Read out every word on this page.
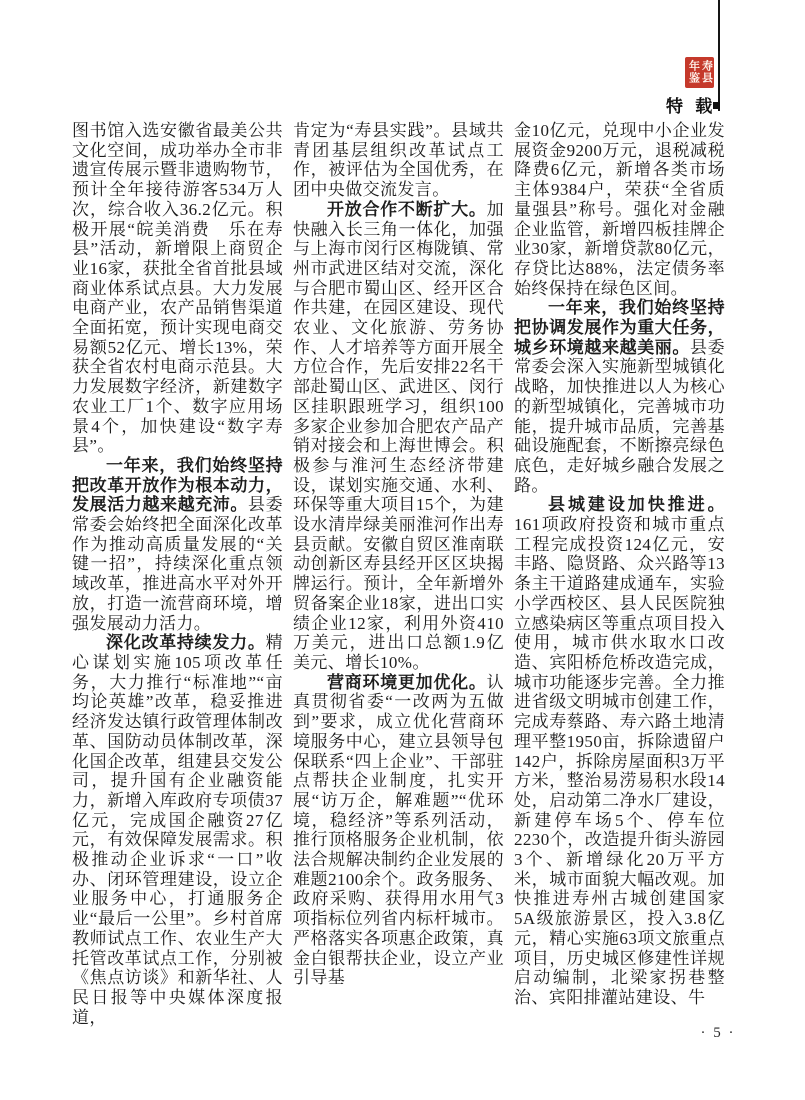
寿县年鉴
特 载

图书馆入选安徽省最美公共文化空间，成功举办全市非遗宣传展示暨非遗购物节，预计全年接待游客534万人次，综合收入36.2亿元。积极开展“皖美消费　乐在寿县”活动，新增限上商贸企业16家，获批全省首批县域商业体系试点县。大力发展电商产业，农产品销售渠道全面拓宽，预计实现电商交易额52亿元、增长13%，荣获全省农村电商示范县。大力发展数字经济，新建数字农业工厂1个、数字应用场景4个，加快建设“数字寿县”。

一年来，我们始终坚持把改革开放作为根本动力，发展活力越来越充沛。县委常委会始终把全面深化改革作为推动高质量发展的“关键一招”，持续深化重点领域改革，推进高水平对外开放，打造一流营商环境，增强发展动力活力。

深化改革持续发力。精心谋划实施105项改革任务，大力推行“标准地”“亩均论英雄”改革，稳妥推进经济发达镇行政管理体制改革、国防动员体制改革，深化国企改革，组建县交发公司，提升国有企业融资能力，新增入库政府专项债37亿元，完成国企融资27亿元，有效保障发展需求。积极推动企业诉求“一口”收办、闭环管理建设，设立企业服务中心，打通服务企业“最后一公里”。乡村首席教师试点工作、农业生产大托管改革试点工作，分别被《焦点访谈》和新华社、人民日报等中央媒体深度报道，

肯定为“寿县实践”。县域共青团基层组织改革试点工作，被评估为全国优秀，在团中央做交流发言。

开放合作不断扩大。加快融入长三角一体化，加强与上海市闵行区梅陇镇、常州市武进区结对交流，深化与合肥市蜀山区、经开区合作共建，在园区建设、现代农业、文化旅游、劳务协作、人才培养等方面开展全方位合作，先后安排22名干部赴蜀山区、武进区、闵行区挂职跟班学习，组织100多家企业参加合肥农产品产销对接会和上海世博会。积极参与淮河生态经济带建设，谋划实施交通、水利、环保等重大项目15个，为建设水清岸绿美丽淮河作出寿县贡献。安徽自贸区淮南联动创新区寿县经开区区块揭牌运行。预计，全年新增外贸备案企业18家，进出口实绩企业12家，利用外资410万美元，进出口总额1.9亿美元、增长10%。

营商环境更加优化。认真贯彻省委“一改两为五做到”要求，成立优化营商环境服务中心，建立县领导包保联系“四上企业”、干部驻点帮扶企业制度，扎实开展“访万企，解难题”“优环境，稳经济”等系列活动，推行顶格服务企业机制，依法合规解决制约企业发展的难题2100余个。政务服务、政府采购、获得用水用气3项指标位列省内标杆城市。严格落实各项惠企政策，真金白银帮扶企业，设立产业引导基

金10亿元，兑现中小企业发展资金9200万元，退税减税降费6亿元，新增各类市场主体9384户，荣获“全省质量强县”称号。强化对金融企业监管，新增四板挂牌企业30家，新增贷款80亿元，存贷比达88%，法定债务率始终保持在绿色区间。

一年来，我们始终坚持把协调发展作为重大任务，城乡环境越来越美丽。县委常委会深入实施新型城镇化战略，加快推进以人为核心的新型城镇化，完善城市功能，提升城市品质，完善基础设施配套，不断擦亮绿色底色，走好城乡融合发展之路。

县城建设加快推进。161项政府投资和城市重点工程完成投资124亿元，安丰路、隐贤路、众兴路等13条主干道路建成通车，实验小学西校区、县人民医院独立感染病区等重点项目投入使用，城市供水取水口改造、宾阳桥危桥改造完成，城市功能逐步完善。全力推进省级文明城市创建工作，完成寿蔡路、寿六路土地清理平整1950亩，拆除遗留户142户，拆除房屋面积3万平方米，整治易涝易积水段14处，启动第二净水厂建设，新建停车场5个、停车位2230个，改造提升街头游园3个、新增绿化20万平方米，城市面貌大幅改观。加快推进寿州古城创建国家5A级旅游景区，投入3.8亿元，精心实施63项文旅重点项目，历史城区修建性详规启动编制，北梁家拐巷整治、宾阳排灌站建设、牛

· 5 ·
